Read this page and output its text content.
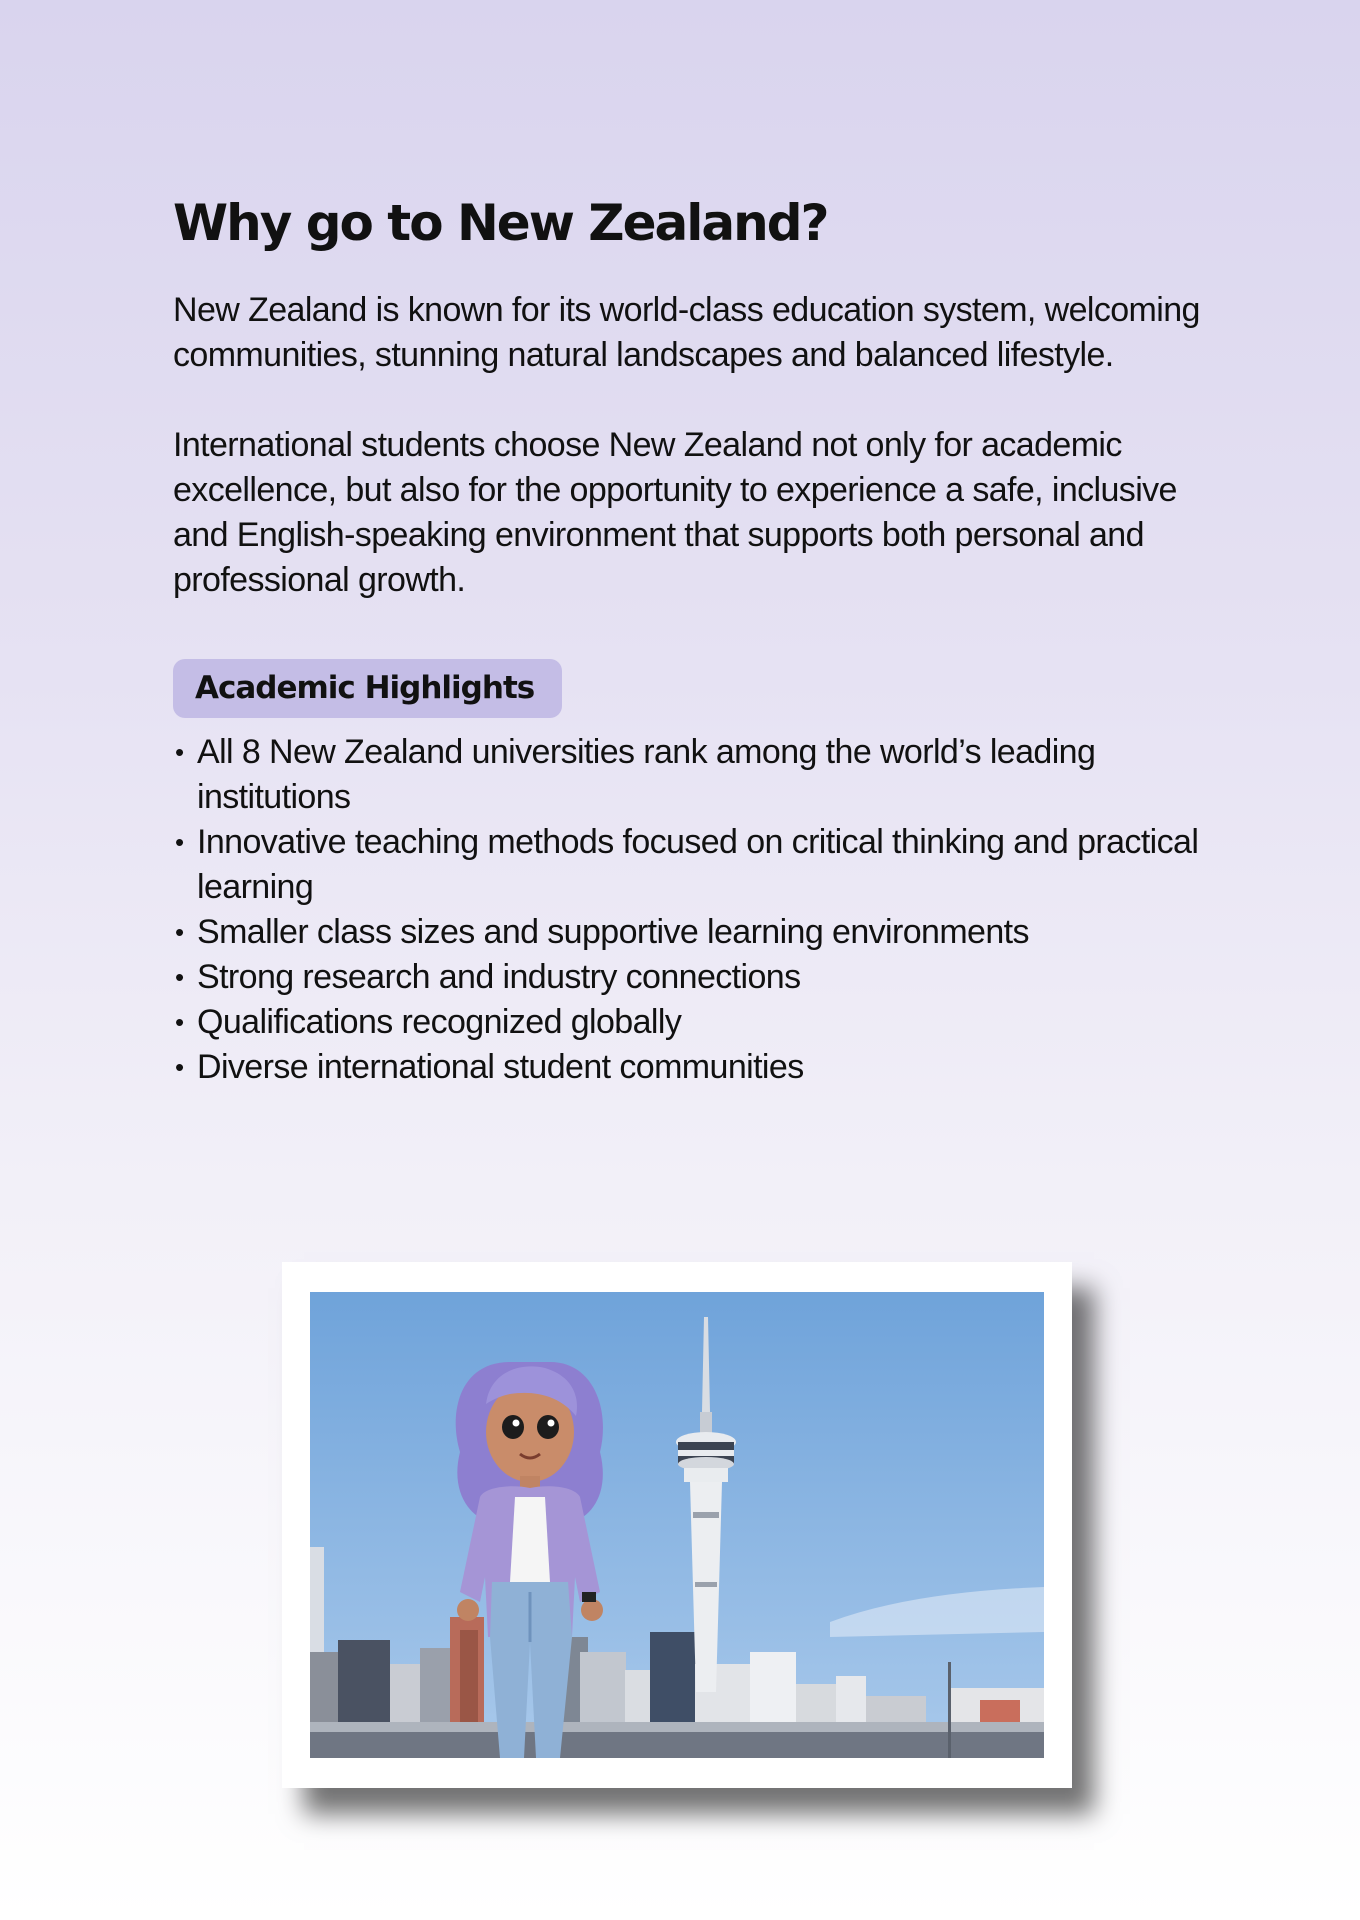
Why go to New Zealand?

New Zealand is known for its world-class education system, welcoming communities, stunning natural landscapes and balanced lifestyle.

International students choose New Zealand not only for academic excellence, but also for the opportunity to experience a safe, inclusive and English-speaking environment that supports both personal and professional growth.

Academic Highlights
• All 8 New Zealand universities rank among the world’s leading institutions
• Innovative teaching methods focused on critical thinking and practical learning
• Smaller class sizes and supportive learning environments
• Strong research and industry connections
• Qualifications recognized globally
• Diverse international student communities
